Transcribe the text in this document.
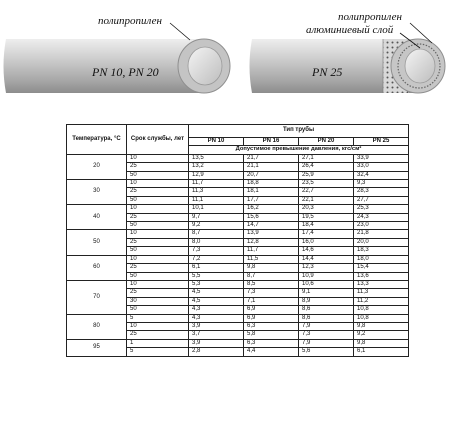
полипропилен
PN 10, PN 20
полипропилен
алюминиевый слой
PN 25
Температура, °C	Срок службы, лет	Тип трубы			
		PN 10	PN 16	PN 20	PN 25
		Допустимое превышение давления, кгс/см²			
20	10	13,5	21,7	27,1	33,9
	25	13,2	21,1	26,4	33,0
	50	12,9	20,7	25,9	32,4
30	10	11,7	18,8	23,5	9,3
	25	11,3	18,1	22,7	28,3
	50	11,1	17,7	22,1	27,7
40	10	10,1	16,2	20,3	25,3
	25	9,7	15,6	19,5	24,3
	50	9,2	14,7	18,4	23,0
50	10	8,7	13,9	17,4	21,8
	25	8,0	12,8	16,0	20,0
	50	7,3	11,7	14,6	18,3
60	10	7,2	11,5	14,4	18,0
	25	6,1	9,8	12,3	15,4
	50	5,5	8,7	10,9	13,6
70	10	5,3	8,5	10,6	13,3
	25	4,5	7,3	9,1	11,3
	30	4,5	7,1	8,9	11,2
	50	4,3	6,9	8,6	10,8
80	5	4,3	6,9	8,6	10,8
	10	3,9	6,3	7,9	9,8
	25	3,7	5,8	7,3	9,2
95	1	3,9	6,3	7,9	9,8
	5	2,8	4,4	5,6	6,1
